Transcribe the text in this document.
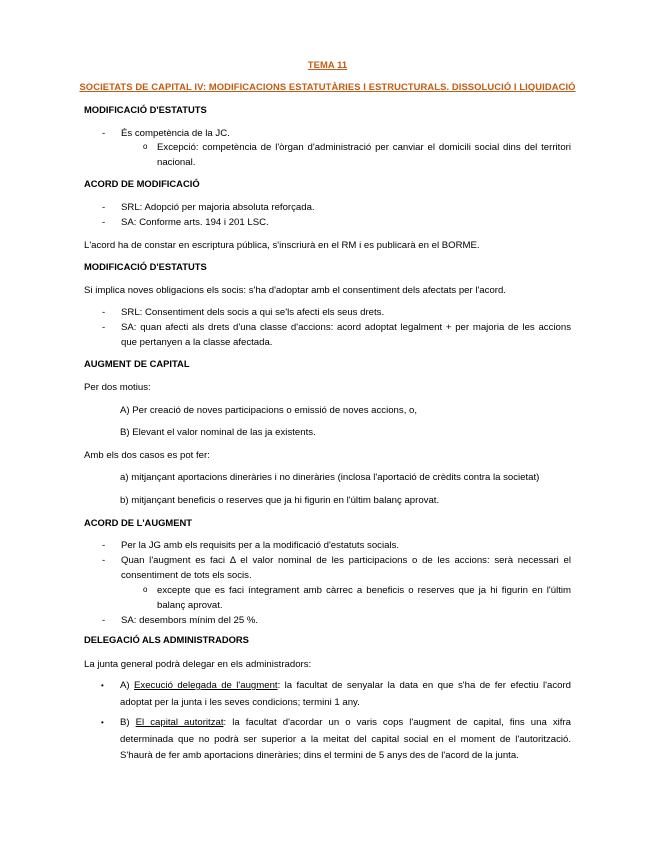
TEMA 11

SOCIETATS DE CAPITAL IV: MODIFICACIONS ESTATUTÀRIES I ESTRUCTURALS. DISSOLUCIÓ I LIQUIDACIÓ

MODIFICACIÓ D'ESTATUTS

- És competència de la JC.
o Excepció: competència de l'òrgan d'administració per canviar el domicili social dins del territori nacional.

ACORD DE MODIFICACIÓ

- SRL: Adopció per majoria absoluta reforçada.
- SA: Conforme arts. 194 i 201 LSC.

L'acord ha de constar en escriptura pública, s'inscriurà en el RM i es publicarà en el BORME.

MODIFICACIÓ D'ESTATUTS

Si implica noves obligacions els socis: s'ha d'adoptar amb el consentiment dels afectats per l'acord.

- SRL: Consentiment dels socis a qui se'ls afecti els seus drets.
- SA: quan afecti als drets d'una classe d'accions: acord adoptat legalment + per majoria de les accions que pertanyen a la classe afectada.

AUGMENT DE CAPITAL

Per dos motius:

A) Per creació de noves participacions o emissió de noves accions, o,

B) Elevant el valor nominal de las ja existents.

Amb els dos casos es pot fer:

a) mitjançant aportacions dineràries i no dineràries (inclosa l'aportació de crèdits contra la societat)

b) mitjançant beneficis o reserves que ja hi figurin en l'últim balanç aprovat.

ACORD DE L'AUGMENT

- Per la JG amb els requisits per a la modificació d'estatuts socials.
- Quan l'augment es faci Δ el valor nominal de les participacions o de les accions: serà necessari el consentiment de tots els socis.
o excepte que es faci íntegrament amb càrrec a beneficis o reserves que ja hi figurin en l'últim balanç aprovat.
- SA: desembors mínim del 25 %.

DELEGACIÓ ALS ADMINISTRADORS

La junta general podrà delegar en els administradors:

• A) Execució delegada de l'augment: la facultat de senyalar la data en que s'ha de fer efectiu l'acord adoptat per la junta i les seves condicions; termini 1 any.
• B) El capital autoritzat: la facultat d'acordar un o varis cops l'augment de capital, fins una xifra determinada que no podrà ser superior a la meitat del capital social en el moment de l'autorització. S'haurà de fer amb aportacions dineràries; dins el termini de 5 anys des de l'acord de la junta.
